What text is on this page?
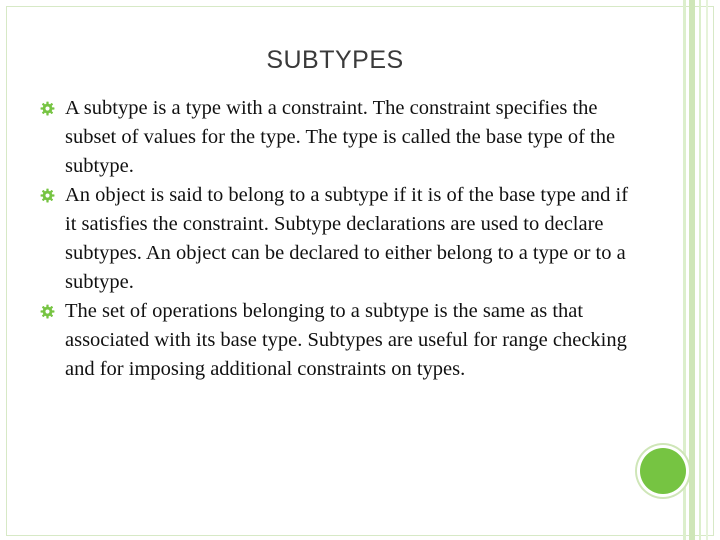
SUBTYPES
A subtype is a type with a constraint. The constraint specifies the subset of values for the type. The type is called the base type of the subtype.
An object is said to belong to a subtype if it is of the base type and if it satisfies the constraint. Subtype declarations are used to declare subtypes. An object can be declared to either belong to a type or to a subtype.
The set of operations belonging to a subtype is the same as that associated with its base type. Subtypes are useful for range checking and for imposing additional constraints on types.
